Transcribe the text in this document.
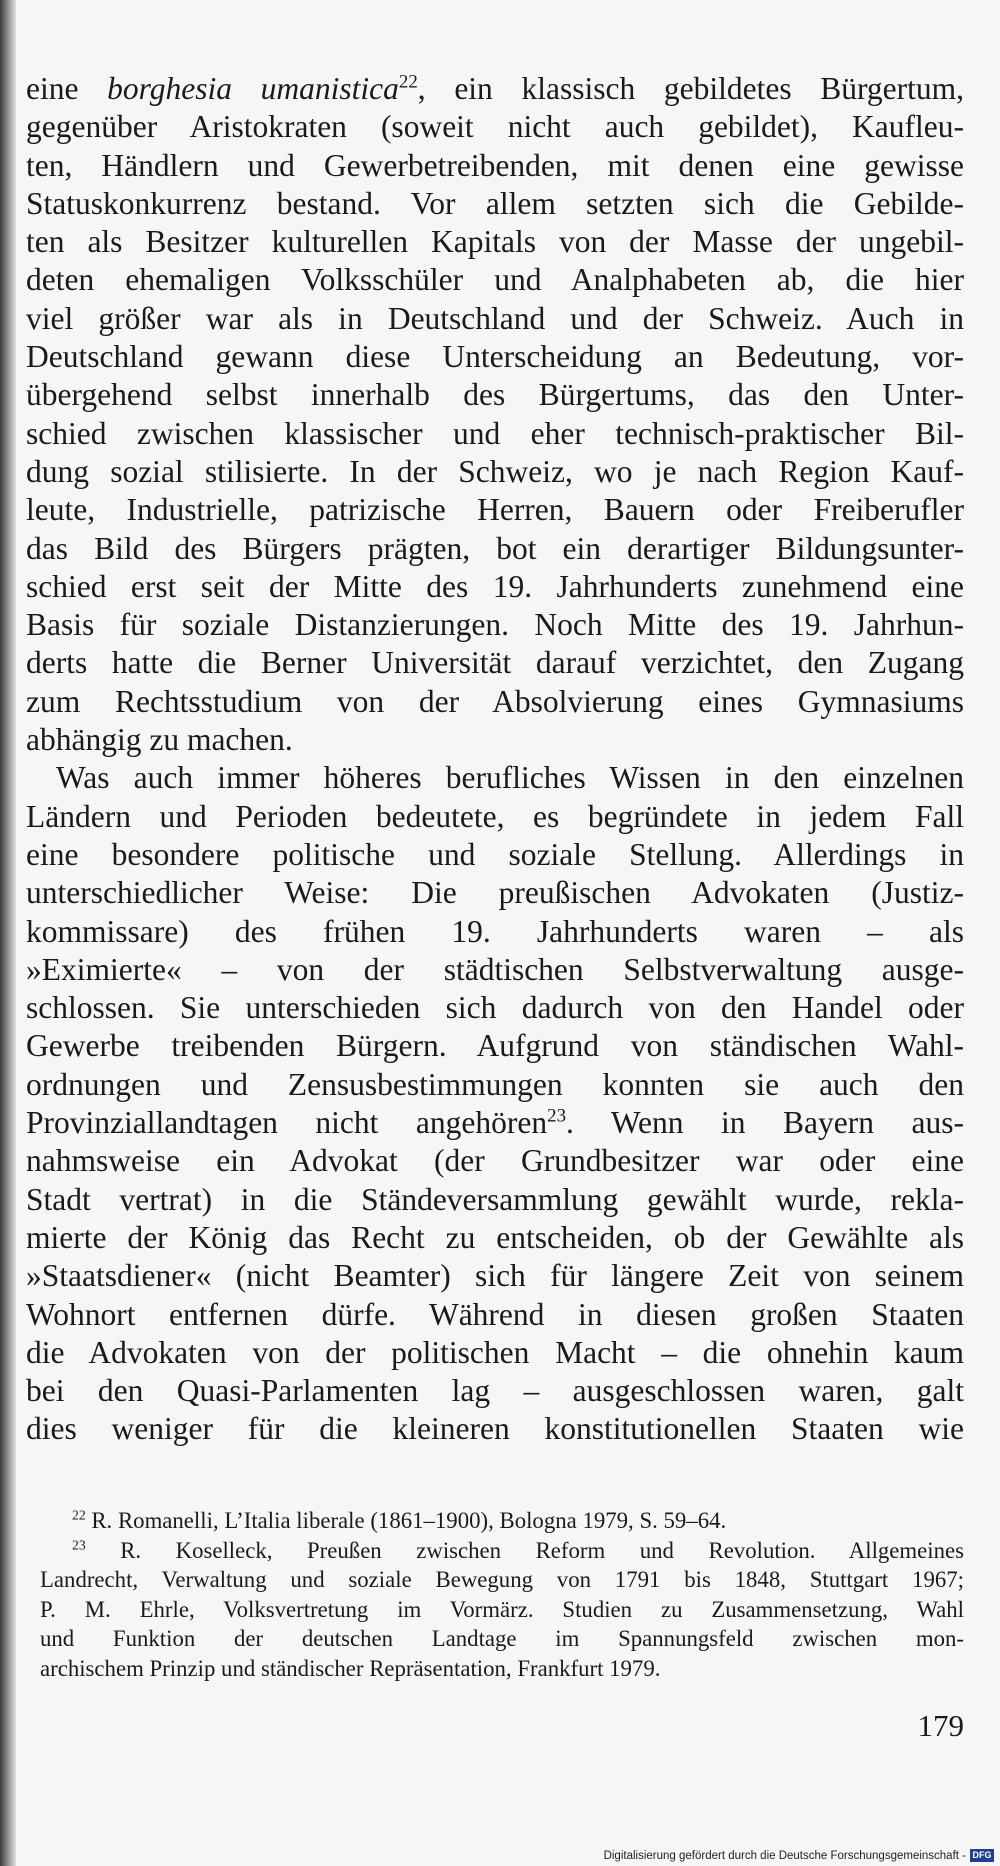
eine borghesia umanistica$^{22}$, ein klassisch gebildetes Bürgertum,
gegenüber Aristokraten (soweit nicht auch gebildet), Kaufleu-
ten, Händlern und Gewerbetreibenden, mit denen eine gewisse
Statuskonkurrenz bestand. Vor allem setzten sich die Gebilde-
ten als Besitzer kulturellen Kapitals von der Masse der ungebil-
deten ehemaligen Volksschüler und Analphabeten ab, die hier
viel größer war als in Deutschland und der Schweiz. Auch in
Deutschland gewann diese Unterscheidung an Bedeutung, vor-
übergehend selbst innerhalb des Bürgertums, das den Unter-
schied zwischen klassischer und eher technisch-praktischer Bil-
dung sozial stilisierte. In der Schweiz, wo je nach Region Kauf-
leute, Industrielle, patrizische Herren, Bauern oder Freiberufler
das Bild des Bürgers prägten, bot ein derartiger Bildungsunter-
schied erst seit der Mitte des 19. Jahrhunderts zunehmend eine
Basis für soziale Distanzierungen. Noch Mitte des 19. Jahrhun-
derts hatte die Berner Universität darauf verzichtet, den Zugang
zum Rechtsstudium von der Absolvierung eines Gymnasiums
abhängig zu machen.
Was auch immer höheres berufliches Wissen in den einzelnen
Ländern und Perioden bedeutete, es begründete in jedem Fall
eine besondere politische und soziale Stellung. Allerdings in
unterschiedlicher Weise: Die preußischen Advokaten (Justiz-
kommissare) des frühen 19. Jahrhunderts waren – als
»Eximierte« – von der städtischen Selbstverwaltung ausge-
schlossen. Sie unterschieden sich dadurch von den Handel oder
Gewerbe treibenden Bürgern. Aufgrund von ständischen Wahl-
ordnungen und Zensusbestimmungen konnten sie auch den
Provinziallandtagen nicht angehören$^{23}$. Wenn in Bayern aus-
nahmsweise ein Advokat (der Grundbesitzer war oder eine
Stadt vertrat) in die Ständeversammlung gewählt wurde, rekla-
mierte der König das Recht zu entscheiden, ob der Gewählte als
»Staatsdiener« (nicht Beamter) sich für längere Zeit von seinem
Wohnort entfernen dürfe. Während in diesen großen Staaten
die Advokaten von der politischen Macht – die ohnehin kaum
bei den Quasi-Parlamenten lag – ausgeschlossen waren, galt
dies weniger für die kleineren konstitutionellen Staaten wie
$^{22}$ R. Romanelli, L’Italia liberale (1861–1900), Bologna 1979, S. 59–64.
$^{23}$ R. Koselleck, Preußen zwischen Reform und Revolution. Allgemeines
Landrecht, Verwaltung und soziale Bewegung von 1791 bis 1848, Stuttgart 1967;
P. M. Ehrle, Volksvertretung im Vormärz. Studien zu Zusammensetzung, Wahl
und Funktion der deutschen Landtage im Spannungsfeld zwischen mon-
archischem Prinzip und ständischer Repräsentation, Frankfurt 1979.
179
Digitalisierung gefördert durch die Deutsche Forschungsgemeinschaft - DFG
